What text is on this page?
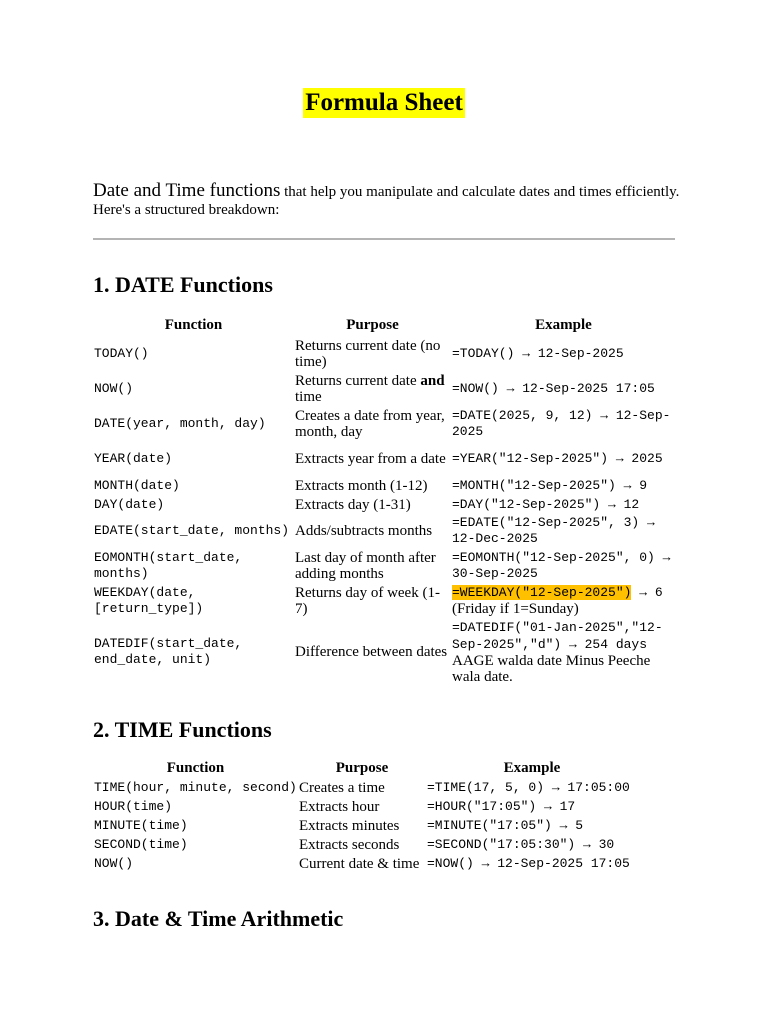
Formula Sheet
Date and Time functions that help you manipulate and calculate dates and times efficiently. Here's a structured breakdown:
1. DATE Functions
Function	Purpose	Example
TODAY()	Returns current date (no time)	=TODAY() → 12-Sep-2025
NOW()	Returns current date and time	=NOW() → 12-Sep-2025 17:05
DATE(year, month, day)	Creates a date from year, month, day	=DATE(2025, 9, 12) → 12-Sep-2025
YEAR(date)	Extracts year from a date	=YEAR("12-Sep-2025") → 2025
MONTH(date)	Extracts month (1-12)	=MONTH("12-Sep-2025") → 9
DAY(date)	Extracts day (1-31)	=DAY("12-Sep-2025") → 12
EDATE(start_date, months)	Adds/subtracts months	=EDATE("12-Sep-2025", 3) → 12-Dec-2025
EOMONTH(start_date, months)	Last day of month after adding months	=EOMONTH("12-Sep-2025", 0) → 30-Sep-2025
WEEKDAY(date, [return_type])	Returns day of week (1-7)	=WEEKDAY("12-Sep-2025") → 6
(Friday if 1=Sunday)
DATEDIF(start_date, end_date, unit)	Difference between dates	=DATEDIF("01-Jan-2025","12-Sep-2025","d") → 254 days
AAGE walda date Minus Peeche wala date.
2. TIME Functions
Function	Purpose	Example
TIME(hour, minute, second)	Creates a time	=TIME(17, 5, 0) → 17:05:00
HOUR(time)	Extracts hour	=HOUR("17:05") → 17
MINUTE(time)	Extracts minutes	=MINUTE("17:05") → 5
SECOND(time)	Extracts seconds	=SECOND("17:05:30") → 30
NOW()	Current date & time	=NOW() → 12-Sep-2025 17:05
3. Date & Time Arithmetic
